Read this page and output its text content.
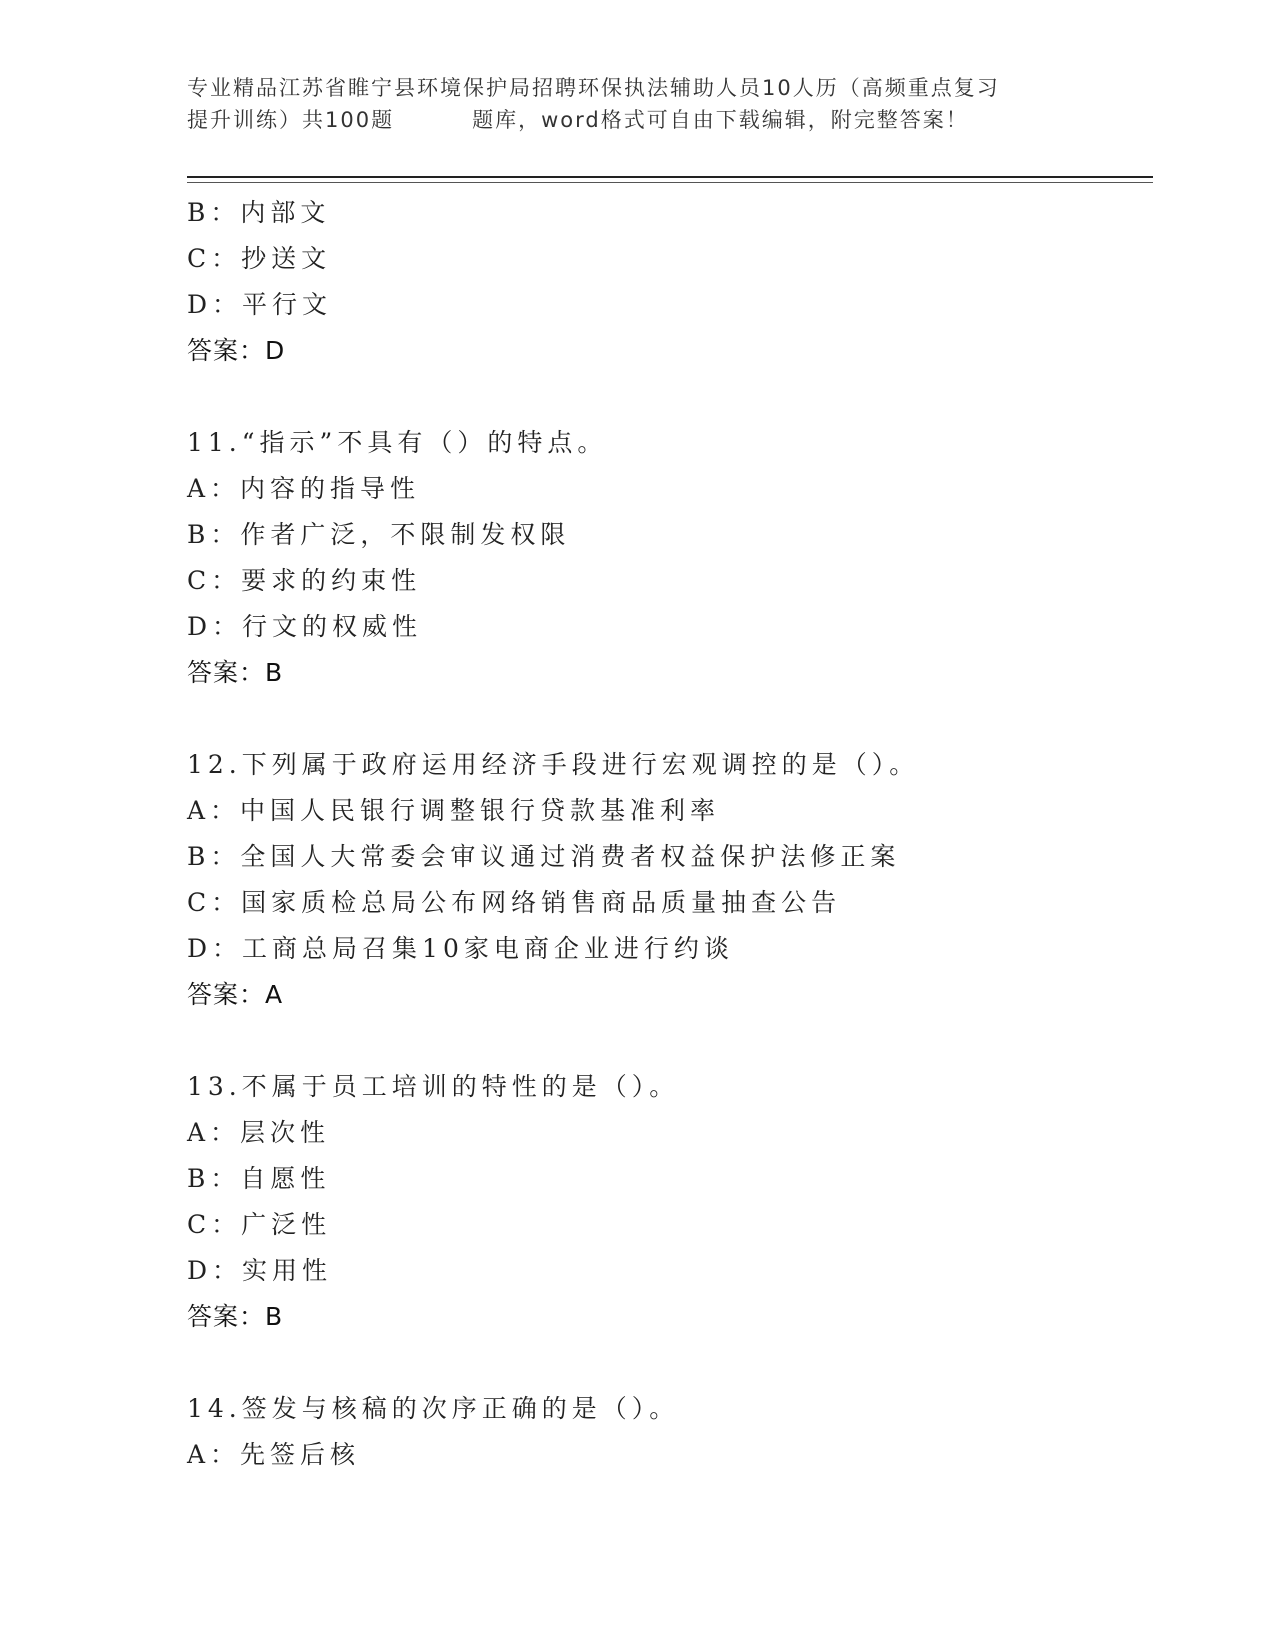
专业精品江苏省睢宁县环境保护局招聘环保执法辅助人员10人历（高频重点复习
提升训练）共100题	题库，word格式可自由下载编辑，附完整答案！
B：内部文
C：抄送文
D：平行文
答案：D
11.“指示”不具有（）的特点。
A：内容的指导性
B：作者广泛，不限制发权限
C：要求的约束性
D：行文的权威性
答案：B
12.下列属于政府运用经济手段进行宏观调控的是（）。
A：中国人民银行调整银行贷款基准利率
B：全国人大常委会审议通过消费者权益保护法修正案
C：国家质检总局公布网络销售商品质量抽查公告
D：工商总局召集10家电商企业进行约谈
答案：A
13.不属于员工培训的特性的是（）。
A：层次性
B：自愿性
C：广泛性
D：实用性
答案：B
14.签发与核稿的次序正确的是（）。
A：先签后核
